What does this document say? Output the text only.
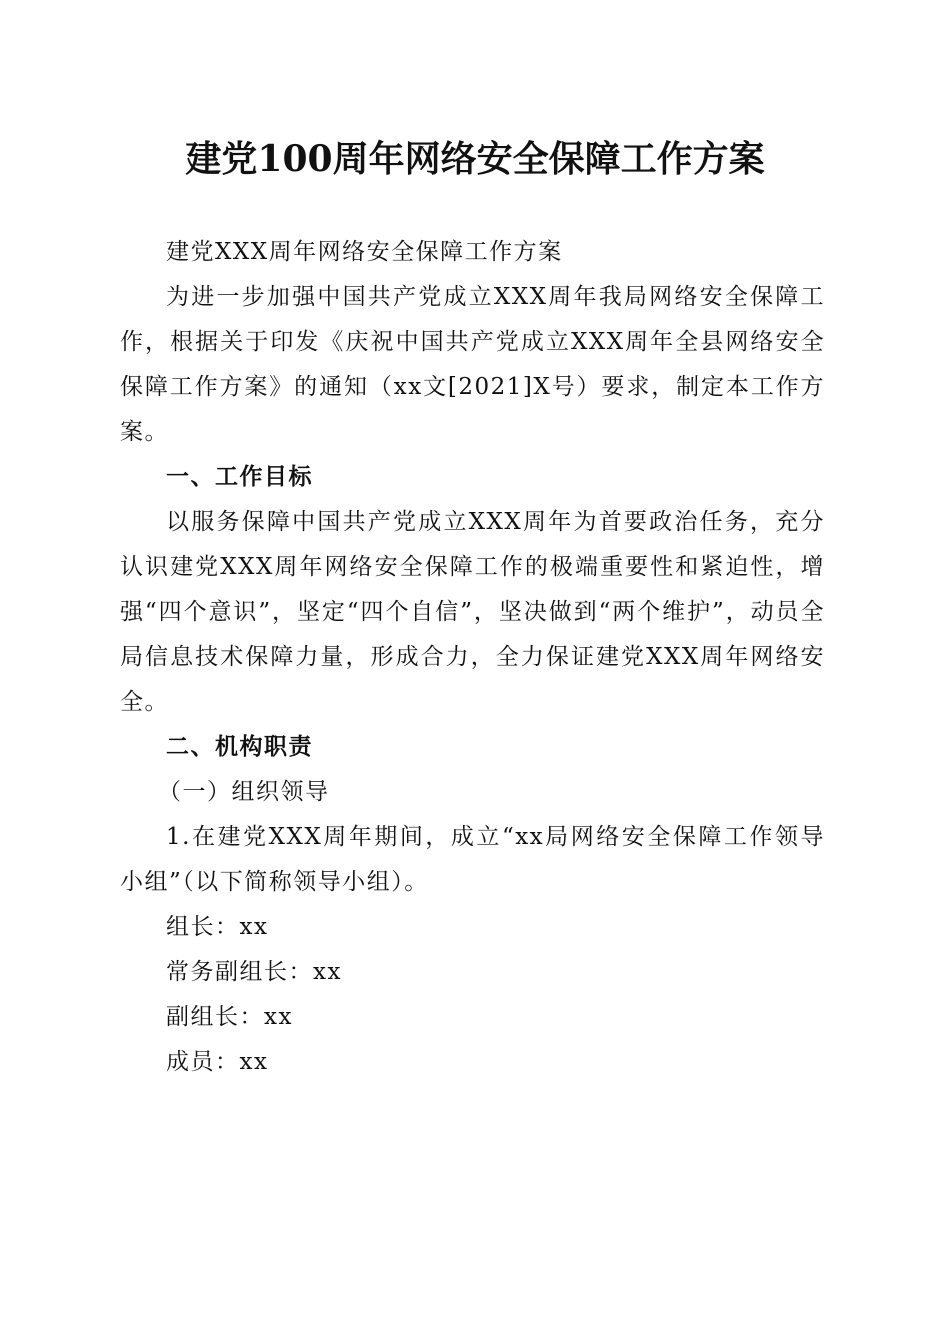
建党100周年网络安全保障工作方案

建党XXX周年网络安全保障工作方案

为进一步加强中国共产党成立XXX周年我局网络安全保障工作，根据关于印发《庆祝中国共产党成立XXX周年全县网络安全保障工作方案》的通知（xx文[2021]X号）要求，制定本工作方案。

一、工作目标

以服务保障中国共产党成立XXX周年为首要政治任务，充分认识建党XXX周年网络安全保障工作的极端重要性和紧迫性，增强“四个意识”，坚定“四个自信”，坚决做到“两个维护”，动员全局信息技术保障力量，形成合力，全力保证建党XXX周年网络安全。

二、机构职责

（一）组织领导

1.在建党XXX周年期间，成立“xx局网络安全保障工作领导小组”（以下简称领导小组）。

组长：xx

常务副组长：xx

副组长：xx

成员：xx
